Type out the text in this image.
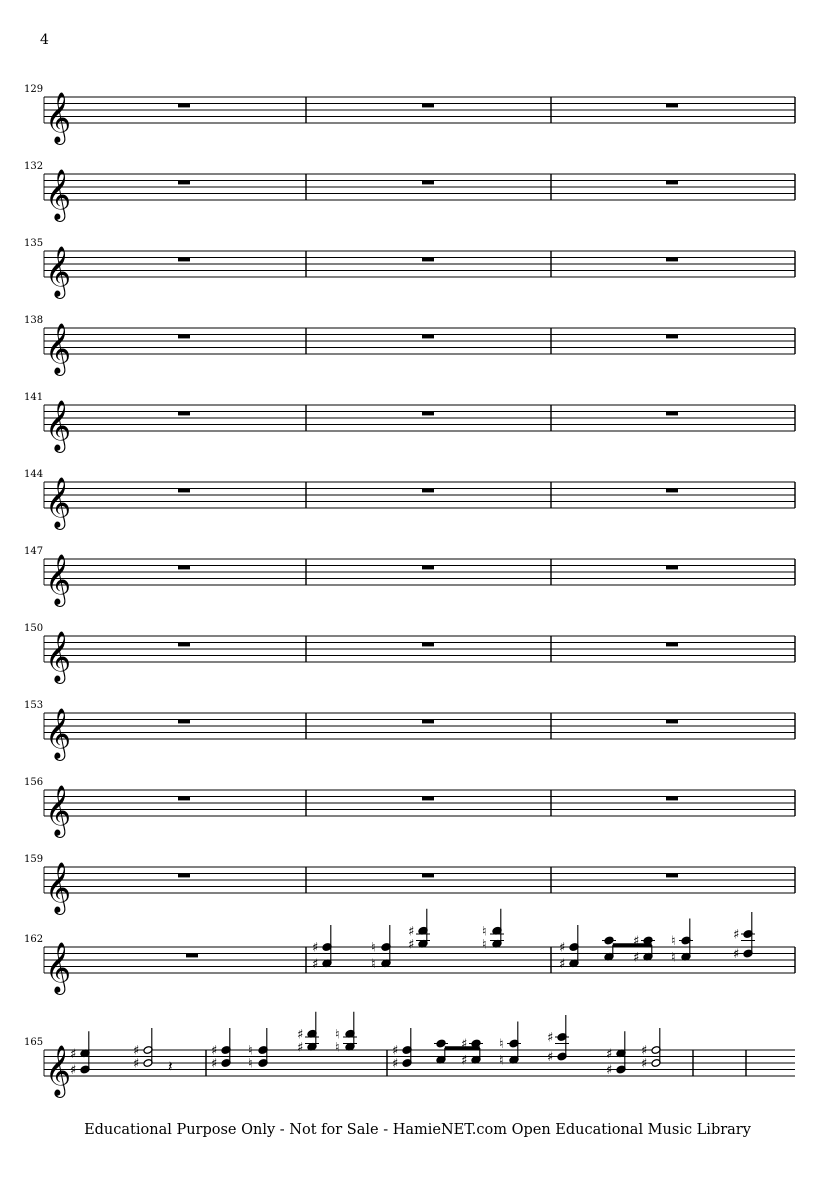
4
𝄞
129
𝄞
132
𝄞
135
𝄞
138
𝄞
141
𝄞
144
𝄞
147
𝄞
150
𝄞
153
𝄞
156
𝄞
159
𝄞
162
♯
♯
♮
♮ ♯
♯
♮
♮
♯
♯
♯
♯
♮
♮
♯
♯
𝄞
165
♯
♯
♯
♯
𝄽	♯
♯
♮
♮	♯
♯
♮
♮
♯
♯
♯
♯
♮
♮
♯
♯
♯
♯
♯
♯
Educational Purpose Only - Not for Sale - HamieNET.com Open Educational Music Library
